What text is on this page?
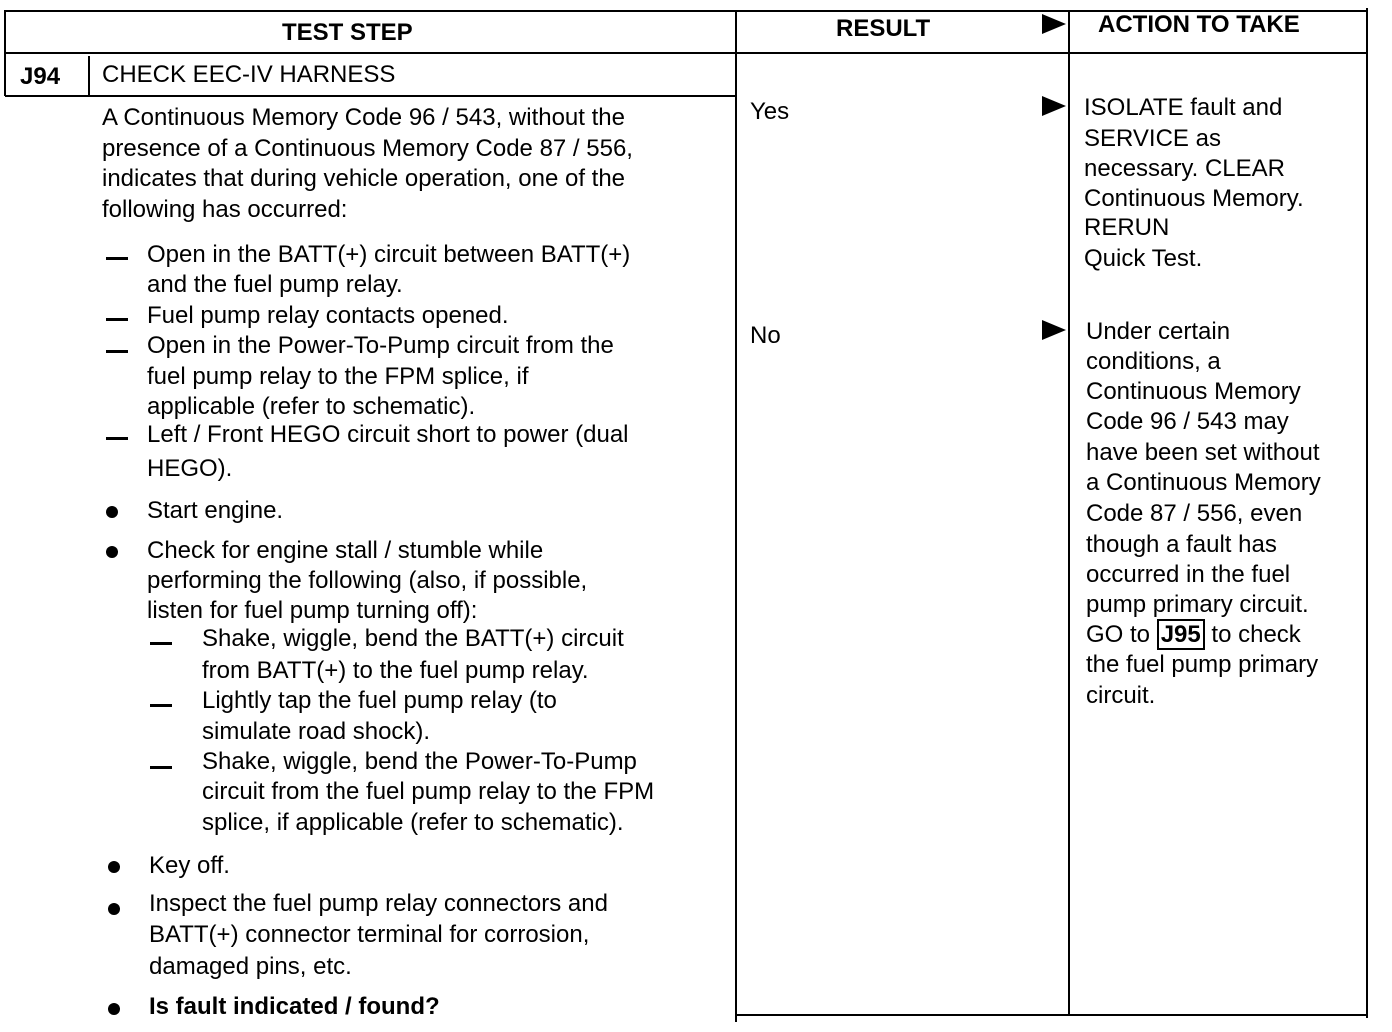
TEST STEP	RESULT	ACTION TO TAKE
J94 CHECK EEC-IV HARNESS
A Continuous Memory Code 96 / 543, without the
presence of a Continuous Memory Code 87 / 556,
indicates that during vehicle operation, one of the
following has occurred:
Open in the BATT(+) circuit between BATT(+)
and the fuel pump relay.
Fuel pump relay contacts opened.
Open in the Power-To-Pump circuit from the
fuel pump relay to the FPM splice, if
applicable (refer to schematic).
Left / Front HEGO circuit short to power (dual
HEGO).
Start engine.
Check for engine stall / stumble while
performing the following (also, if possible,
listen for fuel pump turning off):
Shake, wiggle, bend the BATT(+) circuit
from BATT(+) to the fuel pump relay.
Lightly tap the fuel pump relay (to
simulate road shock).
Shake, wiggle, bend the Power-To-Pump
circuit from the fuel pump relay to the FPM
splice, if applicable (refer to schematic).
Key off.
Inspect the fuel pump relay connectors and
BATT(+) connector terminal for corrosion,
damaged pins, etc.
Is fault indicated / found?
Yes
No
ISOLATE fault and
SERVICE as
necessary. CLEAR
Continuous Memory.
RERUN
Quick Test.
Under certain
conditions, a
Continuous Memory
Code 96 / 543 may
have been set without
a Continuous Memory
Code 87 / 556, even
though a fault has
occurred in the fuel
pump primary circuit.
GO to J95 to check
the fuel pump primary
circuit.
